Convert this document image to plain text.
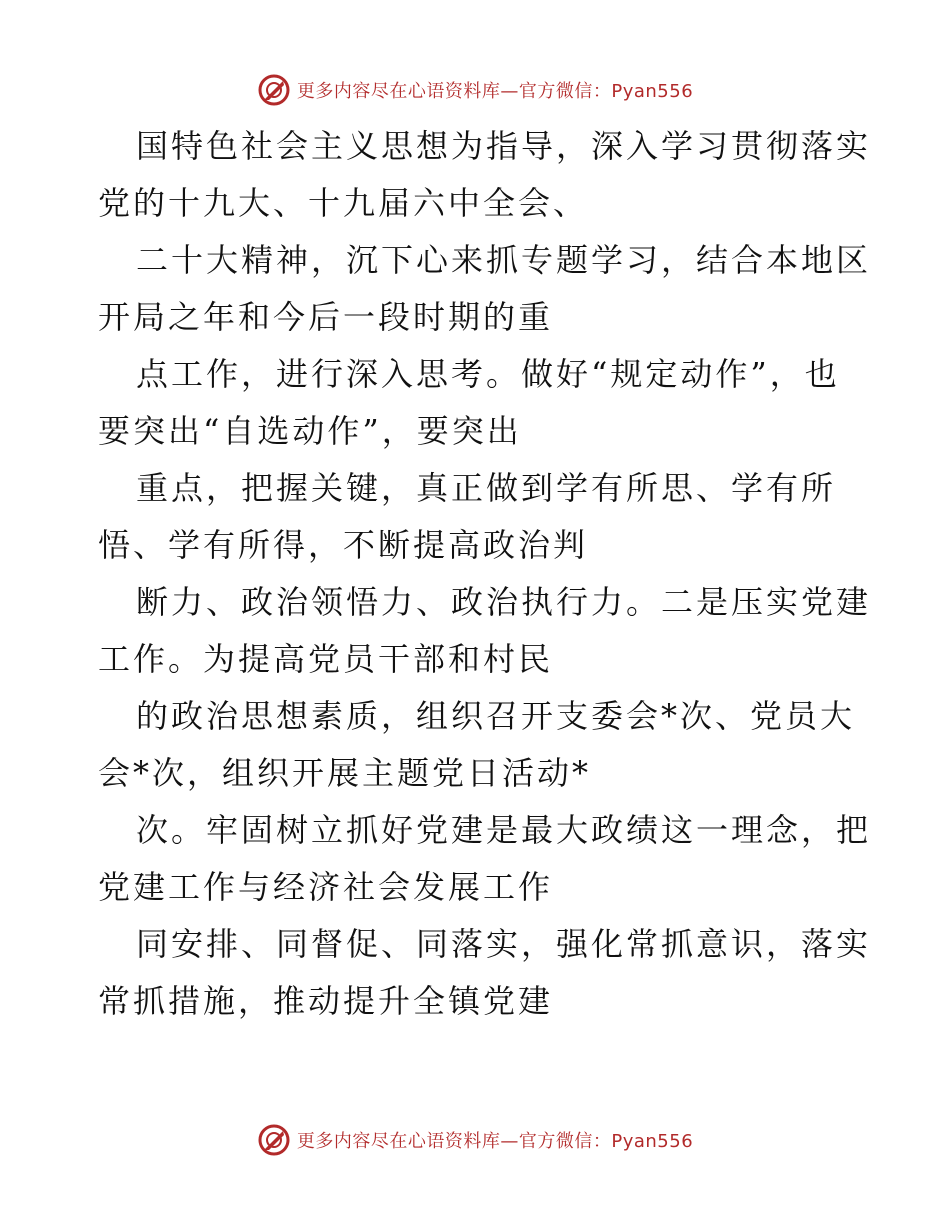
更多内容尽在心语资料库—官方微信：Pyan556
国特色社会主义思想为指导，深入学习贯彻落实
党的十九大、十九届六中全会、
二十大精神，沉下心来抓专题学习，结合本地区
开局之年和今后一段时期的重
点工作，进行深入思考。做好“规定动作”，也
要突出“自选动作”，要突出
重点，把握关键，真正做到学有所思、学有所
悟、学有所得，不断提高政治判
断力、政治领悟力、政治执行力。二是压实党建
工作。为提高党员干部和村民
的政治思想素质，组织召开支委会*次、党员大
会*次，组织开展主题党日活动*
次。牢固树立抓好党建是最大政绩这一理念，把
党建工作与经济社会发展工作
同安排、同督促、同落实，强化常抓意识，落实
常抓措施，推动提升全镇党建
更多内容尽在心语资料库—官方微信：Pyan556
